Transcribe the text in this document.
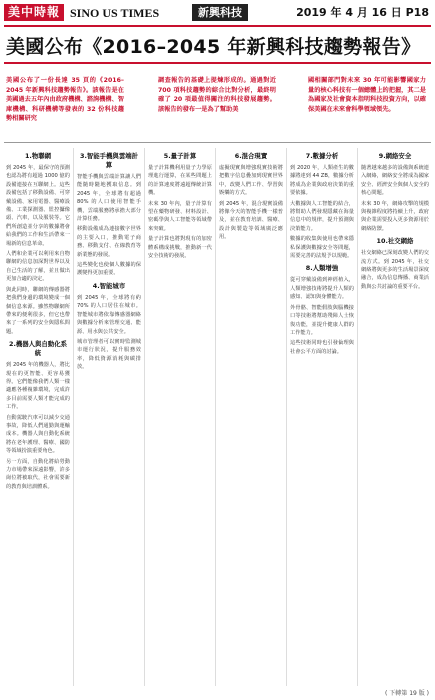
美中時報 SINO US TIMES	新興科技	2019 年 4 月 16 日 P18
美國公布《2016–2045 年新興科技趨勢報告》
美國公布了一份長達 35 頁的《2016–2045 年新興科技趨勢報告》。該報告是在美國過去五年內由政府機構、諮詢機構、智庫機構、科研機構等發表的 32 份科技趨勢相關研究
調查報告的基礎上提煉形成的。通過對近 700 項科技趨勢的綜合比對分析，最終明確了 20 項最值得關注的科技發展趨勢。該報告的發布一是為了幫助美
國相關部門對未來 30 年可能影響國家力量的核心科技有一個總體上的把握，其二是為國家及社會資本指明科技投資方向，以確保美國在未來會科學領域領先。
1.物聯網

到 2045 年，最保守的預測也認為將有超過 1000 億的設備連接在互聯網上。這些設備包括了移動設備、可穿戴設備、家用電器、醫療設備、工業探測器、監控攝像頭、汽車，以及服裝等。它們所創造並分享的數據將會給我們的工作和生活帶來一場新的信息革命。

人們和企業可以利用來自物聯網的信息加深對世界以及自己生活的了解，並且做出更加合適的決定。

與此同時，聯網的傳感器將把我們身邊的環境變成一個個信息來源。雖然物聯網所帶來的便利很多，但它也帶來了一系列的安全與隱私問題。

2.機器人與自動化系統

到 2045 年的機器人，將比現在的更智能、更容易獲得。它們能像我們人類一樣適應各種複雜環境，完成許多目前需要人類才能完成的工作。

自動駕駛汽車可以減少交通事故，降低人們通勤與運輸成本。機器人與自動化系統將在老年護理、醫療、國防等領域扮演重要角色。

另一方面，自動化將給勞動力市場帶來深遠影響，許多崗位將被取代，社會需要新的教育與培訓體系。

3.智能手機與雲端計算

智能手機與雲端計算讓人們能隨時隨地獲取信息。到 2045 年，全球將有超過 80% 的人口使用智能手機，雲端服務將承擔大部分計算任務。

移動設備成為連接數字世界的主要入口，推動電子商務、移動支付、在線教育等新業態的發展。

這些變化也使個人數據的保護變得更加重要。

4.智能城市

到 2045 年，全球將有約 70% 的人口居住在城市。智能城市將依靠傳感器網絡與數據分析來管理交通、能源、用水與公共安全。

城市管理者可以實時監測城市運行狀況，提升服務效率，降低資源消耗與碳排放。

5.量子計算

量子計算機利用量子力學原理進行運算，在某些問題上的計算速度將遠超傳統計算機。

未來 30 年內，量子計算有望在藥物研發、材料設計、密碼學與人工智能等領域帶來突破。

量子計算也將對現有的加密體系構成挑戰，推動新一代安全技術的發展。

6.混合現實

虛擬現實與增強現實技術將把數字信息疊加到現實世界中，改變人們工作、學習與娛樂的方式。

到 2045 年，混合現實設備將像今天的智能手機一樣普及，並在教育培訓、醫療、設計與製造等領域廣泛應用。

7.數據分析

到 2020 年，人類產生的數據將達到 44 ZB，數據分析將成為企業與政府決策的重要依據。

大數據與人工智能的結合，將幫助人們發現隱藏在海量信息中的規律，提升預測與決策能力。

數據的收集與使用也帶來隱私保護與數據安全等問題，需要完善的法規予以規範。

8.人類增強

從可穿戴設備到神經植入，人類增強技術將提升人類的感知、認知與身體能力。

外骨骼、智能假肢與腦機接口等技術將幫助殘障人士恢復功能，並提升健康人群的工作能力。

這些技術同時也引發倫理與社會公平方面的討論。

9.網絡安全

隨著越來越多的設備與系統連入網絡，網絡安全將成為國家安全、經濟安全與個人安全的核心問題。

未來 30 年，網絡攻擊的規模與複雜程度將持續上升，政府與企業需要投入更多資源用於網絡防禦。

10.社交網絡

社交網絡已深刻改變人們的交流方式。到 2045 年，社交網絡將與更多的生活場景深度融合，成為信息傳播、商業活動與公共討論的重要平台。

( 下轉第 19 版 )
